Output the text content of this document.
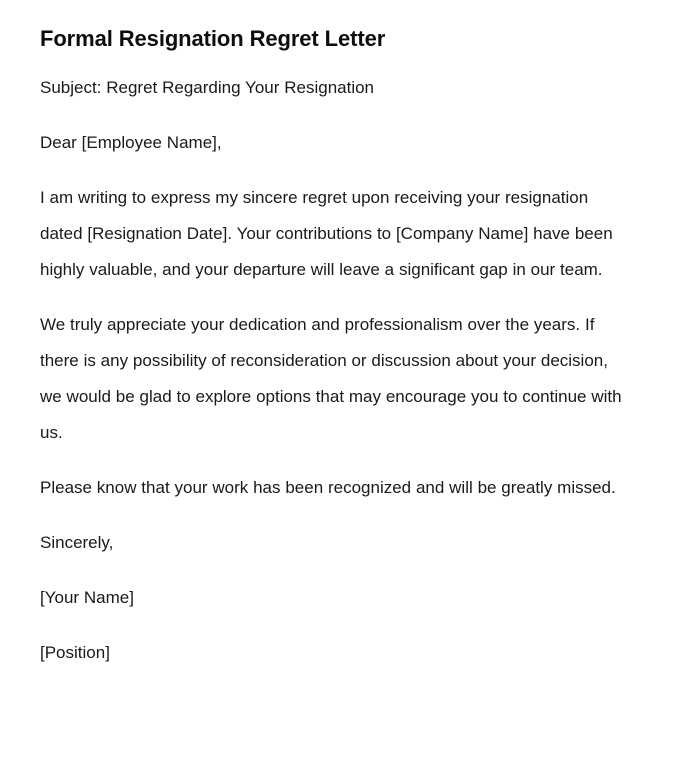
Formal Resignation Regret Letter

Subject: Regret Regarding Your Resignation

Dear [Employee Name],

I am writing to express my sincere regret upon receiving your resignation dated [Resignation Date]. Your contributions to [Company Name] have been highly valuable, and your departure will leave a significant gap in our team.

We truly appreciate your dedication and professionalism over the years. If there is any possibility of reconsideration or discussion about your decision, we would be glad to explore options that may encourage you to continue with us.

Please know that your work has been recognized and will be greatly missed.

Sincerely,

[Your Name]

[Position]
